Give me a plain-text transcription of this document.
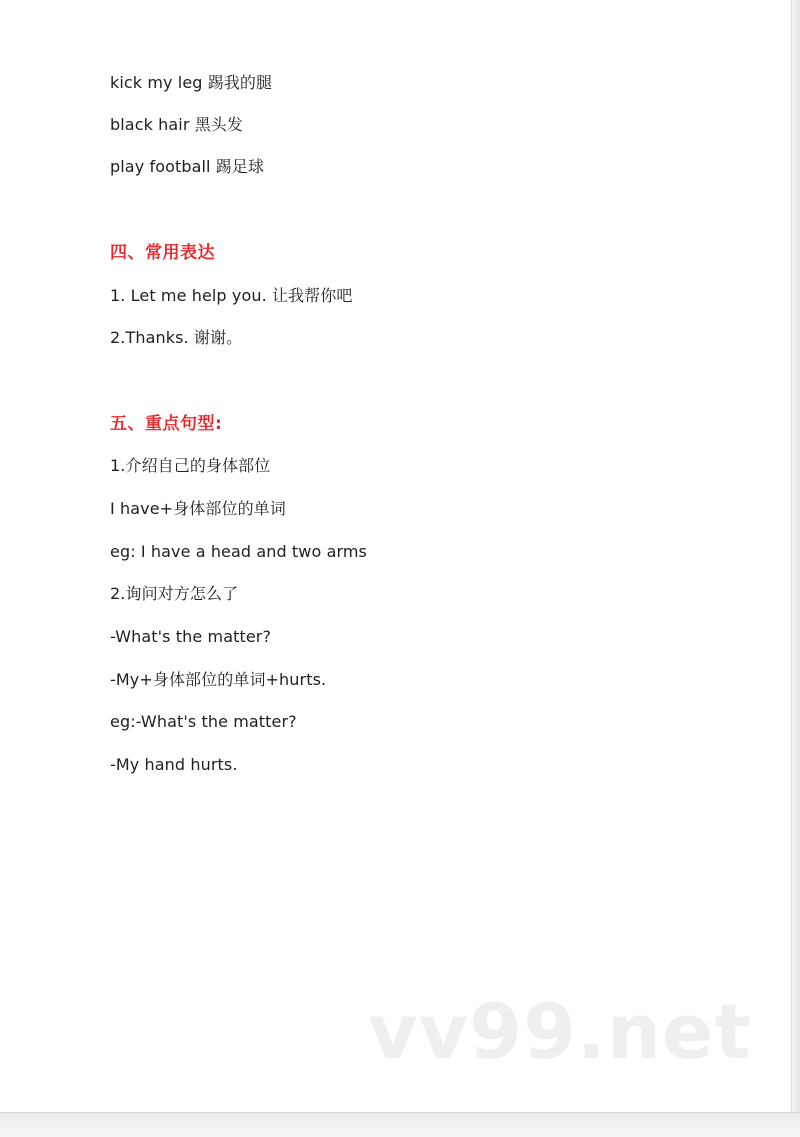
kick my leg 踢我的腿
black hair 黑头发
play football 踢足球
四、常用表达
1. Let me help you. 让我帮你吧
2.Thanks. 谢谢。
五、重点句型:
1.介绍自己的身体部位
I have+身体部位的单词
eg: I have a head and two arms
2.询问对方怎么了
-What's the matter?
-My+身体部位的单词+hurts.
eg:-What's the matter?
-My hand hurts.
vv99.net
